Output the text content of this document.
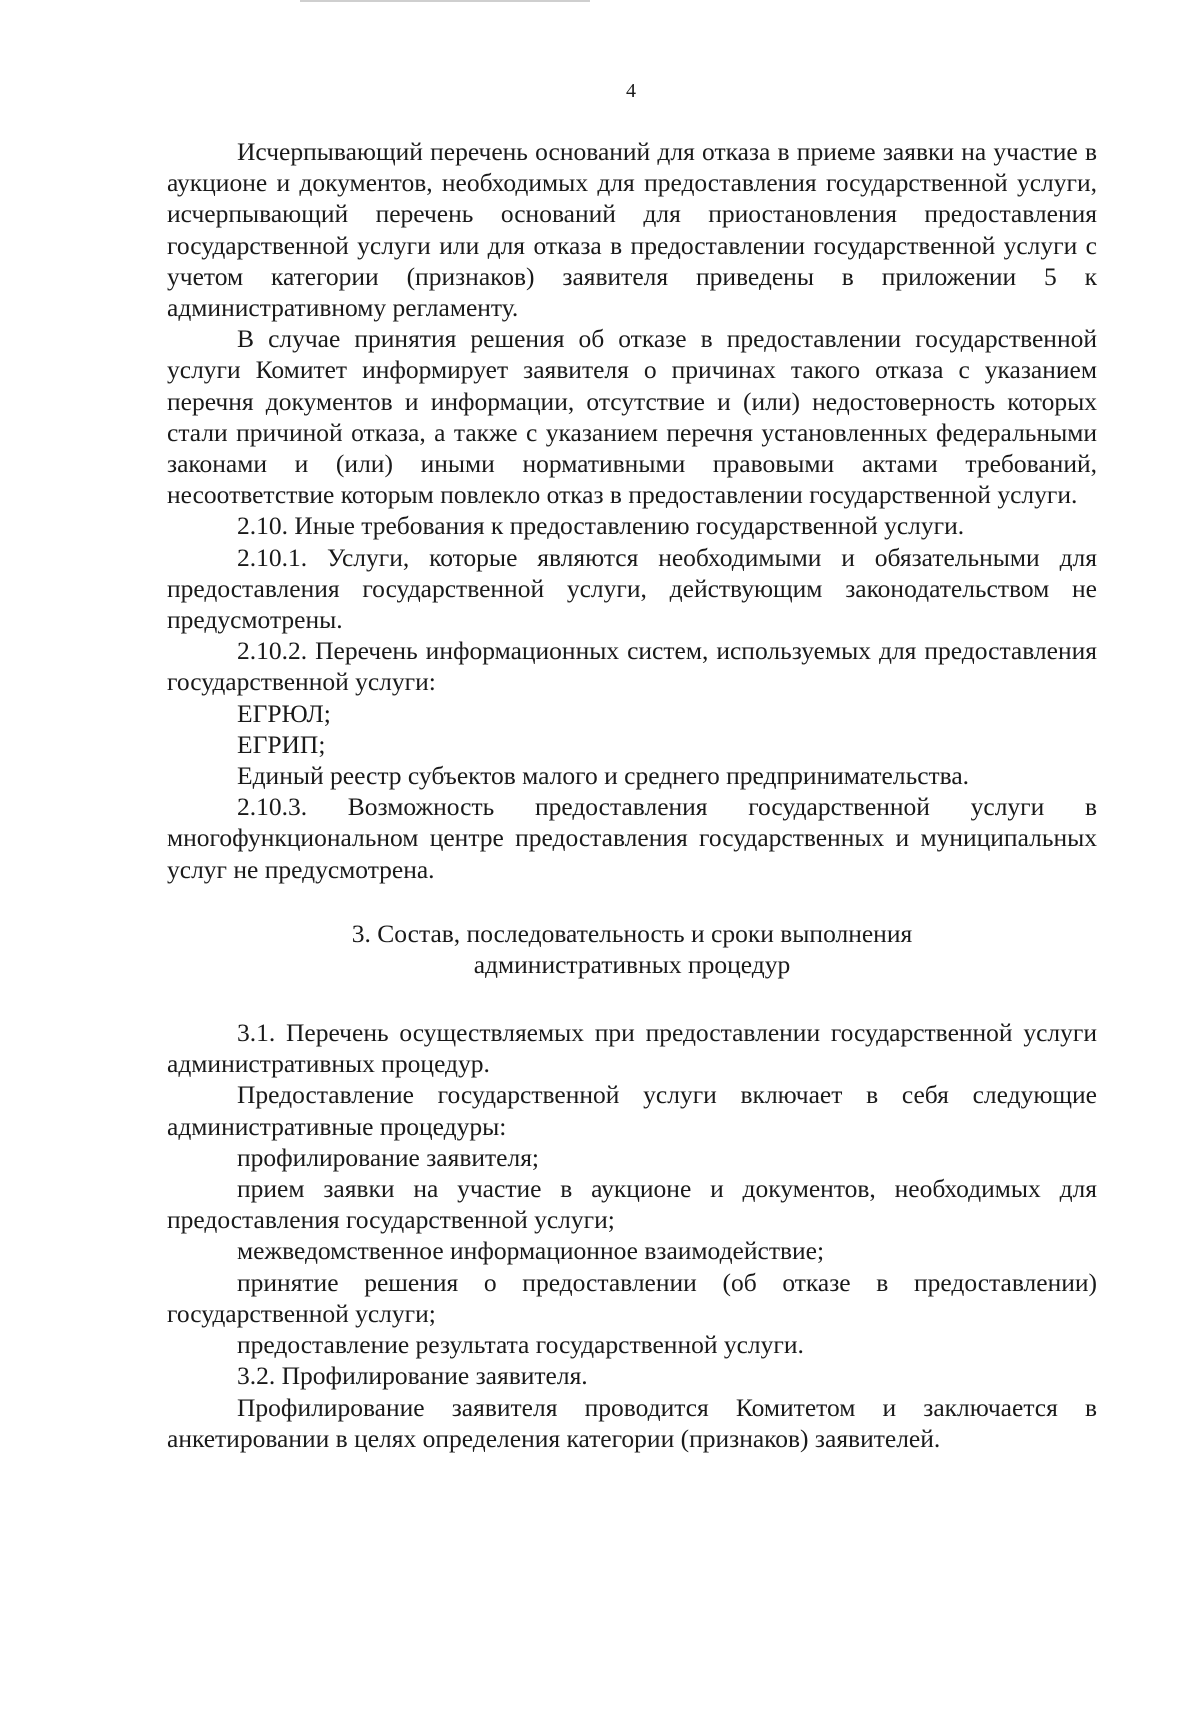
4

Исчерпывающий перечень оснований для отказа в приеме заявки на участие в аукционе и документов, необходимых для предоставления государственной услуги, исчерпывающий перечень оснований для приостановления предоставления государственной услуги или для отказа в предоставлении государственной услуги с учетом категории (признаков) заявителя приведены в приложении 5 к административному регламенту.

В случае принятия решения об отказе в предоставлении государственной услуги Комитет информирует заявителя о причинах такого отказа с указанием перечня документов и информации, отсутствие и (или) недостоверность которых стали причиной отказа, а также с указанием перечня установленных федеральными законами и (или) иными нормативными правовыми актами требований, несоответствие которым повлекло отказ в предоставлении государственной услуги.

2.10. Иные требования к предоставлению государственной услуги.

2.10.1. Услуги, которые являются необходимыми и обязательными для предоставления государственной услуги, действующим законодательством не предусмотрены.

2.10.2. Перечень информационных систем, используемых для предоставления государственной услуги:

ЕГРЮЛ;

ЕГРИП;

Единый реестр субъектов малого и среднего предпринимательства.

2.10.3. Возможность предоставления государственной услуги в многофункциональном центре предоставления государственных и муниципальных услуг не предусмотрена.

3. Состав, последовательность и сроки выполнения
административных процедур

3.1. Перечень осуществляемых при предоставлении государственной услуги административных процедур.

Предоставление государственной услуги включает в себя следующие административные процедуры:

профилирование заявителя;

прием заявки на участие в аукционе и документов, необходимых для предоставления государственной услуги;

межведомственное информационное взаимодействие;

принятие решения о предоставлении (об отказе в предоставлении) государственной услуги;

предоставление результата государственной услуги.

3.2. Профилирование заявителя.

Профилирование заявителя проводится Комитетом и заключается в анкетировании в целях определения категории (признаков) заявителей.
